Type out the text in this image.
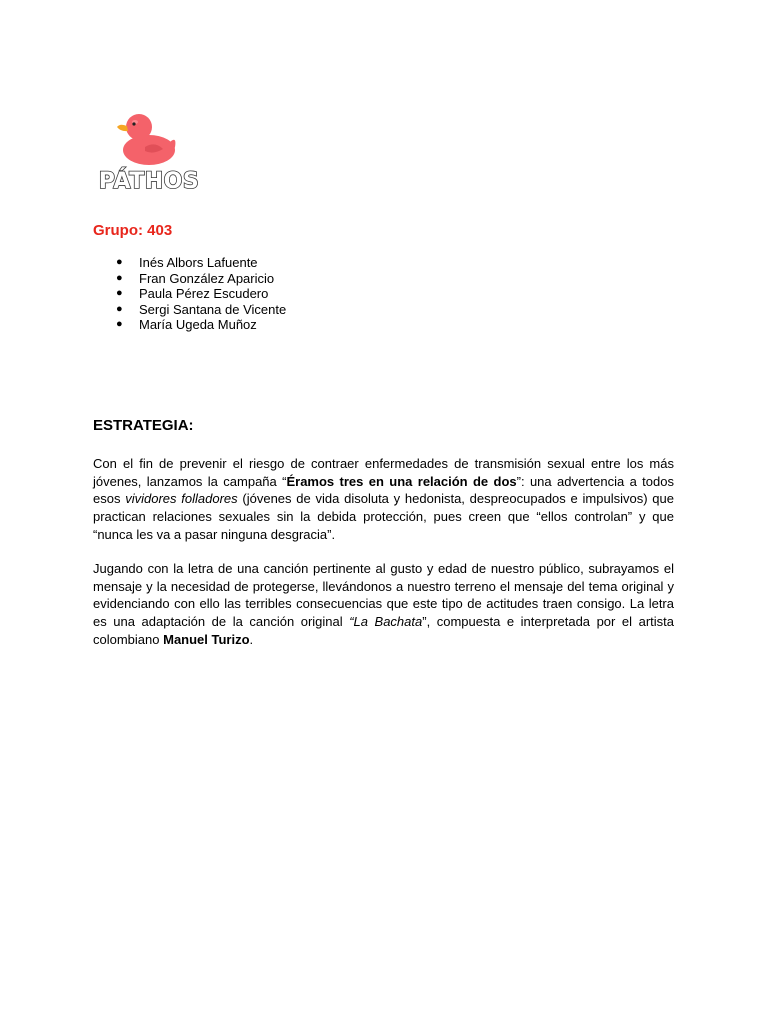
PÁTHOS
Grupo: 403
● Inés Albors Lafuente
● Fran González Aparicio
● Paula Pérez Escudero
● Sergi Santana de Vicente
● María Ugeda Muñoz
ESTRATEGIA:

Con el fin de prevenir el riesgo de contraer enfermedades de transmisión sexual entre los más jóvenes, lanzamos la campaña “Éramos tres en una relación de dos”: una advertencia a todos esos vividores folladores (jóvenes de vida disoluta y hedonista, despreocupados e impulsivos) que practican relaciones sexuales sin la debida protección, pues creen que “ellos controlan” y que “nunca les va a pasar ninguna desgracia”.

Jugando con la letra de una canción pertinente al gusto y edad de nuestro público, subrayamos el mensaje y la necesidad de protegerse, llevándonos a nuestro terreno el mensaje del tema original y evidenciando con ello las terribles consecuencias que este tipo de actitudes traen consigo. La letra es una adaptación de la canción original “La Bachata”, compuesta e interpretada por el artista colombiano Manuel Turizo.
